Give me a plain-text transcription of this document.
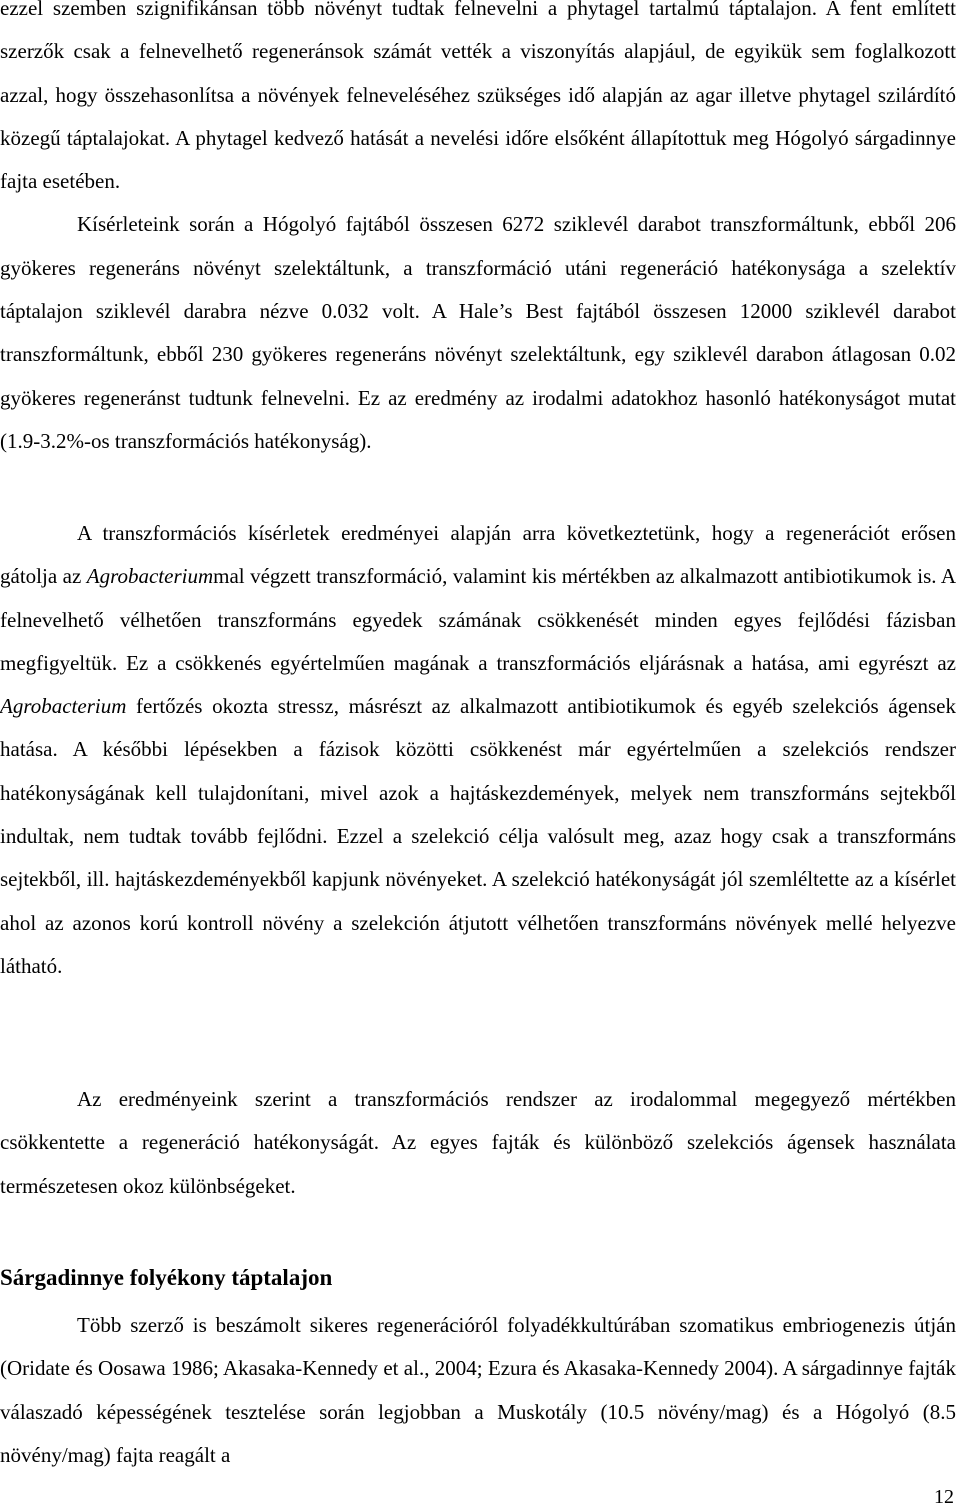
ezzel szemben szignifikánsan több növényt tudtak felnevelni a phytagel tartalmú táptalajon. A fent említett szerzők csak a felnevelhető regeneránsok számát vették a viszonyítás alapjául, de egyikük sem foglalkozott azzal, hogy összehasonlítsa a növények felneveléséhez szükséges idő alapján az agar illetve phytagel szilárdító közegű táptalajokat. A phytagel kedvező hatását a nevelési időre elsőként állapítottuk meg Hógolyó sárgadinnye fajta esetében.

Kísérleteink során a Hógolyó fajtából összesen 6272 sziklevél darabot transzformáltunk, ebből 206 gyökeres regeneráns növényt szelektáltunk, a transzformáció utáni regeneráció hatékonysága a szelektív táptalajon sziklevél darabra nézve 0.032 volt. A Hale’s Best fajtából összesen 12000 sziklevél darabot transzformáltunk, ebből 230 gyökeres regeneráns növényt szelektáltunk, egy sziklevél darabon átlagosan 0.02 gyökeres regeneránst tudtunk felnevelni. Ez az eredmény az irodalmi adatokhoz hasonló hatékonyságot mutat (1.9-3.2%-os transzformációs hatékonyság).

A transzformációs kísérletek eredményei alapján arra következtetünk, hogy a regenerációt erősen gátolja az Agrobacteriummal végzett transzformáció, valamint kis mértékben az alkalmazott antibiotikumok is. A felnevelhető vélhetően transzformáns egyedek számának csökkenését minden egyes fejlődési fázisban megfigyeltük. Ez a csökkenés egyértelműen magának a transzformációs eljárásnak a hatása, ami egyrészt az Agrobacterium fertőzés okozta stressz, másrészt az alkalmazott antibiotikumok és egyéb szelekciós ágensek hatása. A későbbi lépésekben a fázisok közötti csökkenést már egyértelműen a szelekciós rendszer hatékonyságának kell tulajdonítani, mivel azok a hajtáskezdemények, melyek nem transzformáns sejtekből indultak, nem tudtak tovább fejlődni. Ezzel a szelekció célja valósult meg, azaz hogy csak a transzformáns sejtekből, ill. hajtáskezdeményekből kapjunk növényeket. A szelekció hatékonyságát jól szemléltette az a kísérlet ahol az azonos korú kontroll növény a szelekción átjutott vélhetően transzformáns növények mellé helyezve látható.

Az eredményeink szerint a transzformációs rendszer az irodalommal megegyező mértékben csökkentette a regeneráció hatékonyságát. Az egyes fajták és különböző szelekciós ágensek használata természetesen okoz különbségeket.

Sárgadinnye folyékony táptalajon

Több szerző is beszámolt sikeres regenerációról folyadékkultúrában szomatikus embriogenezis útján (Oridate és Oosawa 1986; Akasaka-Kennedy et al., 2004; Ezura és Akasaka-Kennedy 2004). A sárgadinnye fajták válaszadó képességének tesztelése során legjobban a Muskotály (10.5 növény/mag) és a Hógolyó (8.5 növény/mag) fajta reagált a

12
